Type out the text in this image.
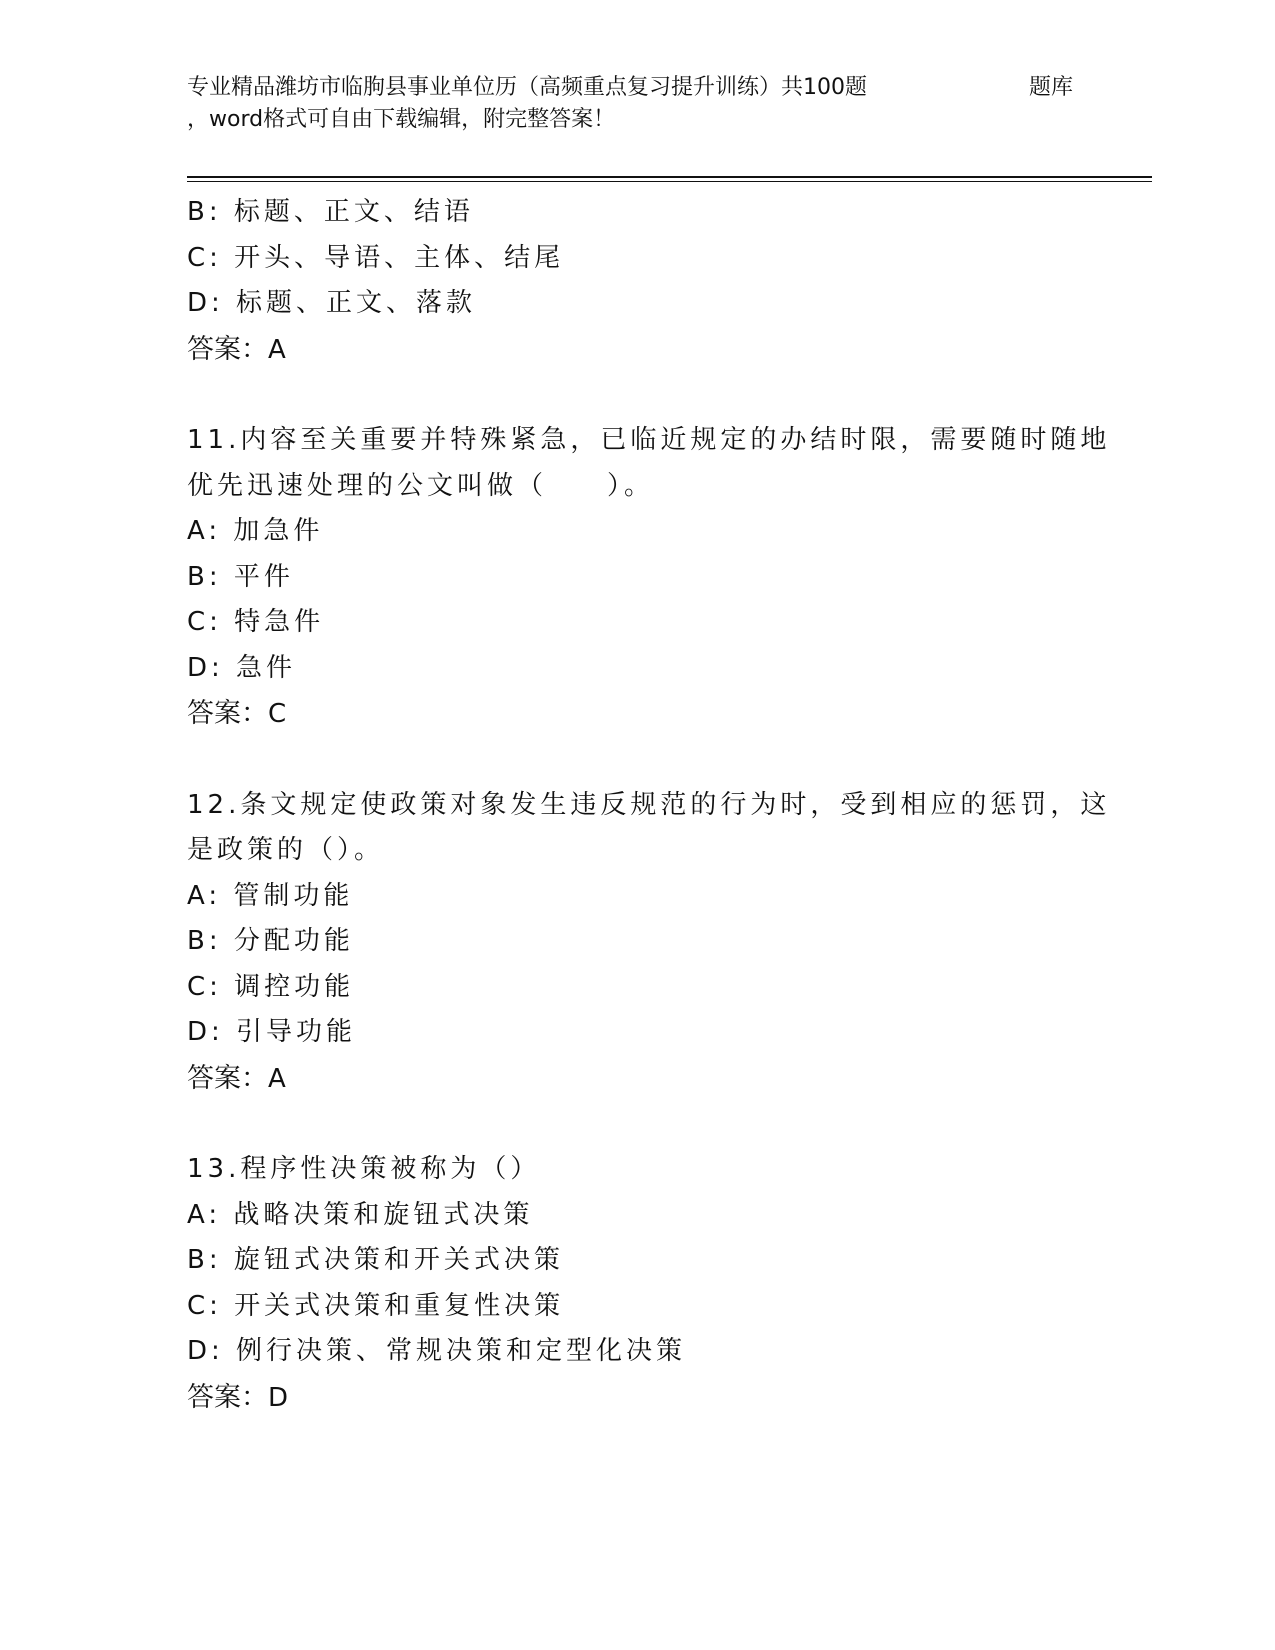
专业精品潍坊市临朐县事业单位历（高频重点复习提升训练）共100题	题库
，word格式可自由下载编辑，附完整答案！
B: 标题、正文、结语
C: 开头、导语、主体、结尾
D: 标题、正文、落款
答案：A
11.内容至关重要并特殊紧急，已临近规定的办结时限，需要随时随地
优先迅速处理的公文叫做（　　）。
A: 加急件
B: 平件
C: 特急件
D: 急件
答案：C
12.条文规定使政策对象发生违反规范的行为时，受到相应的惩罚，这
是政策的（）。
A: 管制功能
B: 分配功能
C: 调控功能
D: 引导功能
答案：A
13.程序性决策被称为（）
A: 战略决策和旋钮式决策
B: 旋钮式决策和开关式决策
C: 开关式决策和重复性决策
D: 例行决策、常规决策和定型化决策
答案：D
